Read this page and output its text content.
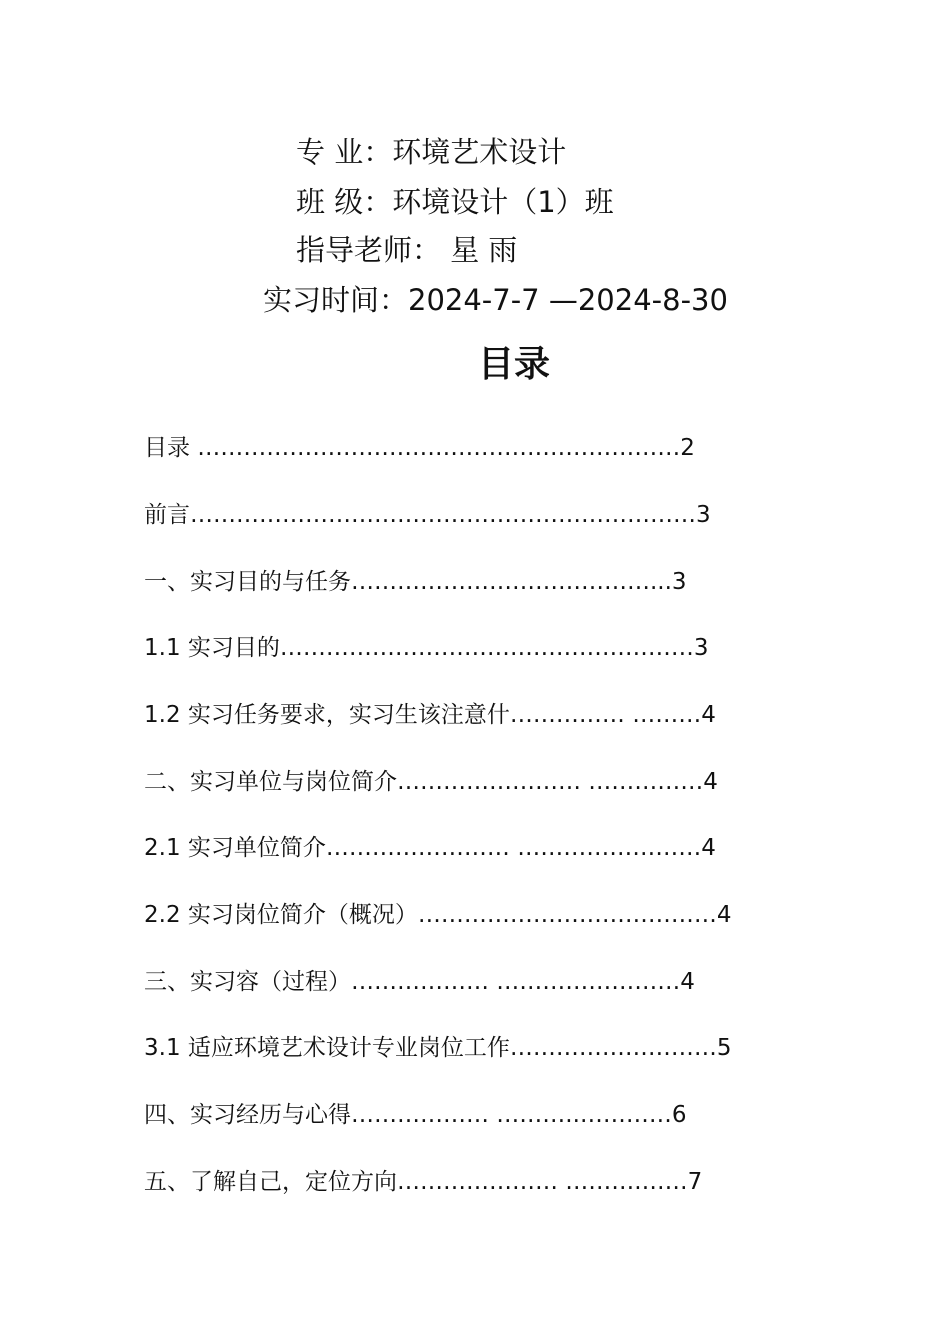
专 业：环境艺术设计
班 级：环境设计（1）班
指导老师： 星 雨
实习时间：2024-7-7 —2024-8-30
目录
目录 ………………………………………………………2
前言…………………………………………………………3
一、实习目的与任务…………………………………...3
1.1 实习目的………………………………………………3
1.2 实习任务要求，实习生该注意什…………… ………4
二、实习单位与岗位简介…………………… ……………4
2.1 实习单位简介…………………… ……………………4
2.2 实习岗位简介（概况）…………………………………4
三、实习容（过程）……………… ……………………4
3.1 适应环境艺术设计专业岗位工作………………………5
四、实习经历与心得……………… ………..…………6
五、了解自己，定位方向………………… ……….……7
